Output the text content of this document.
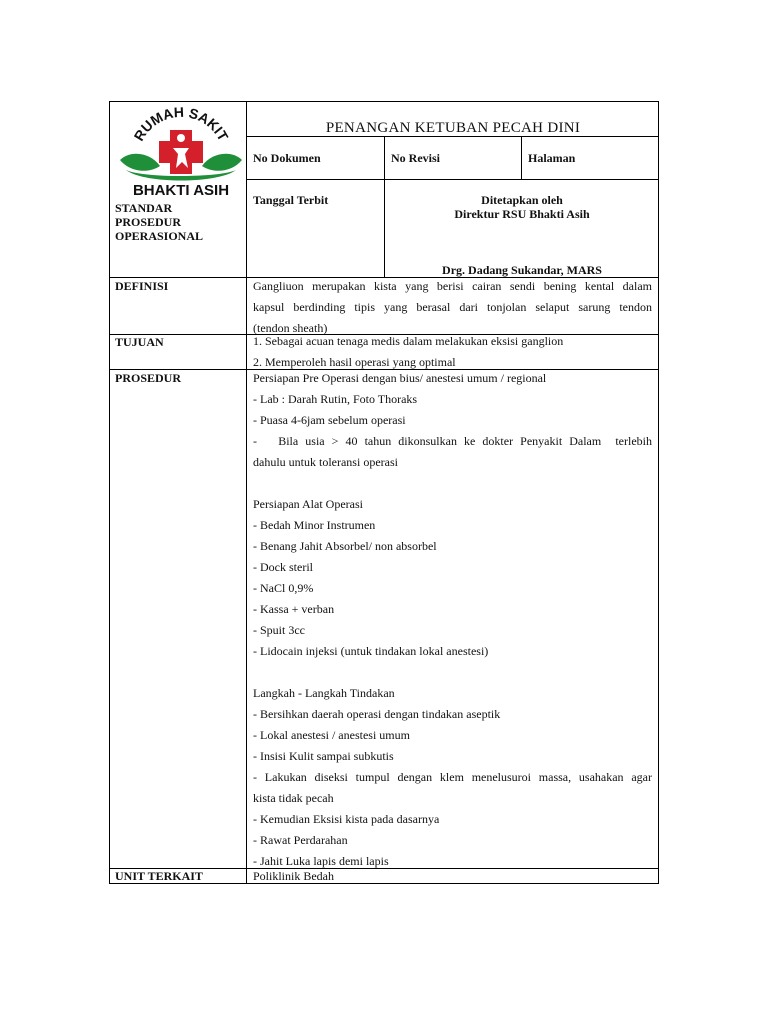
RUMAH SAKIT
BHAKTI ASIH
PENANGAN KETUBAN PECAH DINI
No Dokumen	No Revisi	Halaman
STANDAR
PROSEDUR
OPERASIONAL
Tanggal Terbit	Ditetapkan oleh
Direktur RSU Bhakti Asih
Drg. Dadang Sukandar, MARS
DEFINISI	Gangliuon merupakan kista yang berisi cairan sendi bening kental dalam
kapsul berdinding tipis yang berasal dari tonjolan selaput sarung tendon
(tendon sheath)
TUJUAN	1. Sebagai acuan tenaga medis dalam melakukan eksisi ganglion
2. Memperoleh hasil operasi yang optimal
PROSEDUR	Persiapan Pre Operasi dengan bius/ anestesi umum / regional
- Lab : Darah Rutin, Foto Thoraks
- Puasa 4-6jam sebelum operasi
-   Bila usia > 40 tahun dikonsulkan ke dokter Penyakit Dalam  terlebih
dahulu untuk toleransi operasi
Persiapan Alat Operasi
- Bedah Minor Instrumen
- Benang Jahit Absorbel/ non absorbel
- Dock steril
- NaCl 0,9%
- Kassa + verban
- Spuit 3cc
- Lidocain injeksi (untuk tindakan lokal anestesi)
Langkah - Langkah Tindakan
- Bersihkan daerah operasi dengan tindakan aseptik
- Lokal anestesi / anestesi umum
- Insisi Kulit sampai subkutis
- Lakukan diseksi tumpul dengan klem menelusuroi massa, usahakan agar
kista tidak pecah
- Kemudian Eksisi kista pada dasarnya
- Rawat Perdarahan
- Jahit Luka lapis demi lapis
UNIT TERKAIT	Poliklinik Bedah
